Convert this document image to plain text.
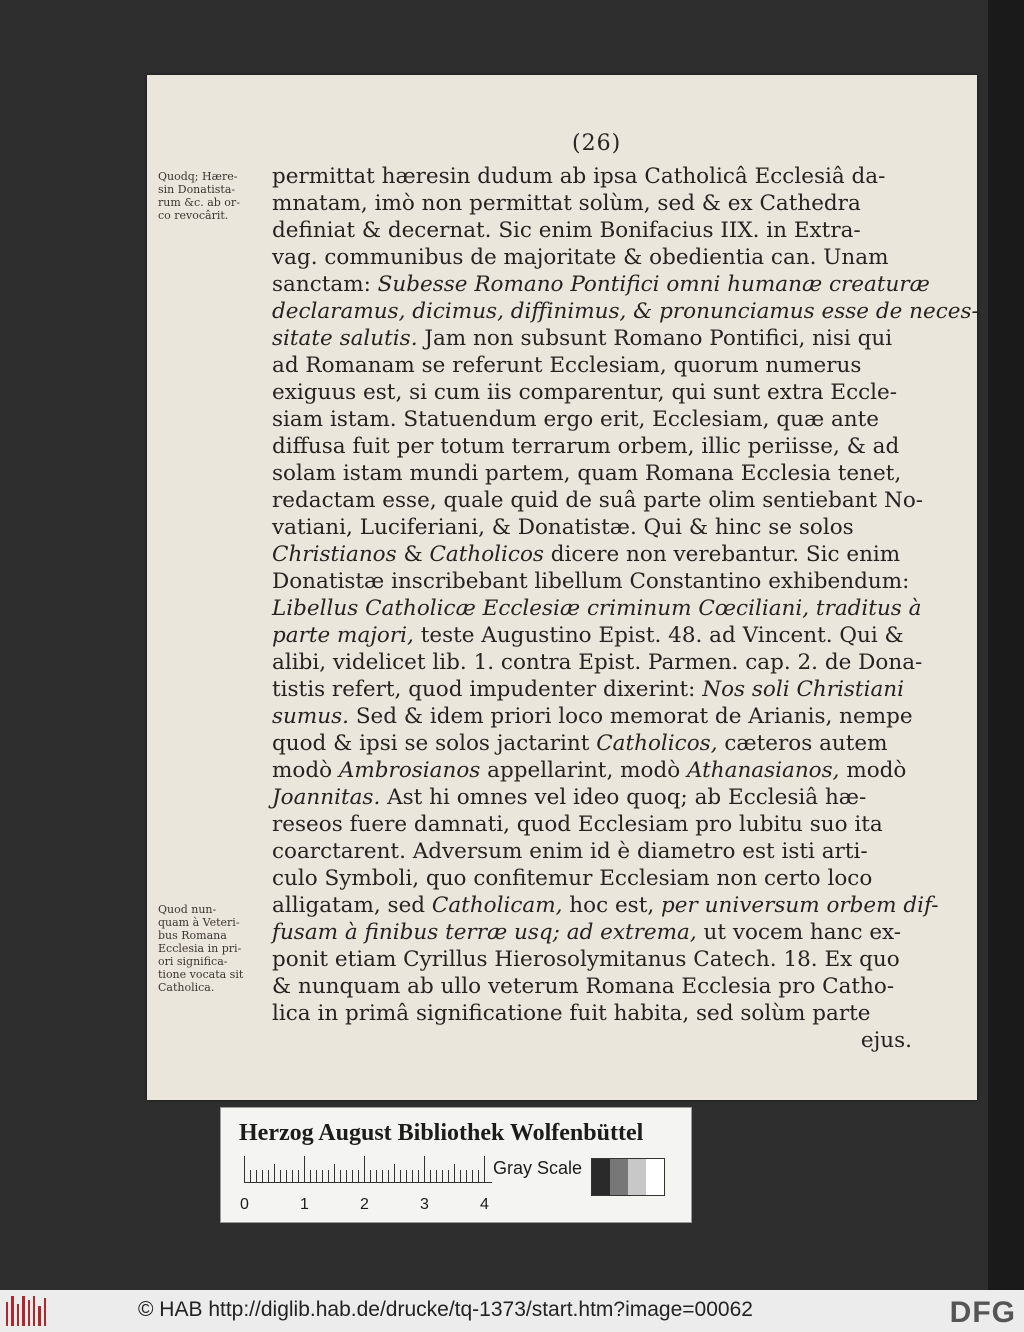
(26)
Quodq; Hære-
sin Donatista-
rum &c. ab or-
co revocârit.
Quod nun-
quam à Veteri-
bus Romana
Ecclesia in pri-
ori significa-
tione vocata sit
Catholica.
permittat hæresin dudum ab ipsa Catholicâ Ecclesiâ da-
mnatam, imò non permittat solùm, sed & ex Cathedra
definiat & decernat. Sic enim Bonifacius IIX. in Extra-
vag. communibus de majoritate & obedientia can. Unam
sanctam: Subesse Romano Pontifici omni humanæ creaturæ
declaramus, dicimus, diffinimus, & pronunciamus esse de neces-
sitate salutis. Jam non subsunt Romano Pontifici, nisi qui
ad Romanam se referunt Ecclesiam, quorum numerus
exiguus est, si cum iis comparentur, qui sunt extra Eccle-
siam istam. Statuendum ergo erit, Ecclesiam, quæ ante
diffusa fuit per totum terrarum orbem, illic periisse, & ad
solam istam mundi partem, quam Romana Ecclesia tenet,
redactam esse, quale quid de suâ parte olim sentiebant No-
vatiani, Luciferiani, & Donatistæ. Qui & hinc se solos
Christianos & Catholicos dicere non verebantur. Sic enim
Donatistæ inscribebant libellum Constantino exhibendum:
Libellus Catholicæ Ecclesiæ criminum Cœciliani, traditus à
parte majori, teste Augustino Epist. 48. ad Vincent. Qui &
alibi, videlicet lib. 1. contra Epist. Parmen. cap. 2. de Dona-
tistis refert, quod impudenter dixerint: Nos soli Christiani
sumus. Sed & idem priori loco memorat de Arianis, nempe
quod & ipsi se solos jactarint Catholicos, cæteros autem
modò Ambrosianos appellarint, modò Athanasianos, modò
Joannitas. Ast hi omnes vel ideo quoq; ab Ecclesiâ hæ-
reseos fuere damnati, quod Ecclesiam pro lubitu suo ita
coarctarent. Adversum enim id è diametro est isti arti-
culo Symboli, quo confitemur Ecclesiam non certo loco
alligatam, sed Catholicam, hoc est, per universum orbem dif-
fusam à finibus terræ usq; ad extrema, ut vocem hanc ex-
ponit etiam Cyrillus Hierosolymitanus Catech. 18. Ex quo
& nunquam ab ullo veterum Romana Ecclesia pro Catho-
lica in primâ significatione fuit habita, sed solùm parte
ejus.
Herzog August Bibliothek Wolfenbüttel
0	1	2	3	4
Gray Scale
© HAB http://diglib.hab.de/drucke/tq-1373/start.htm?image=00062	DFG
